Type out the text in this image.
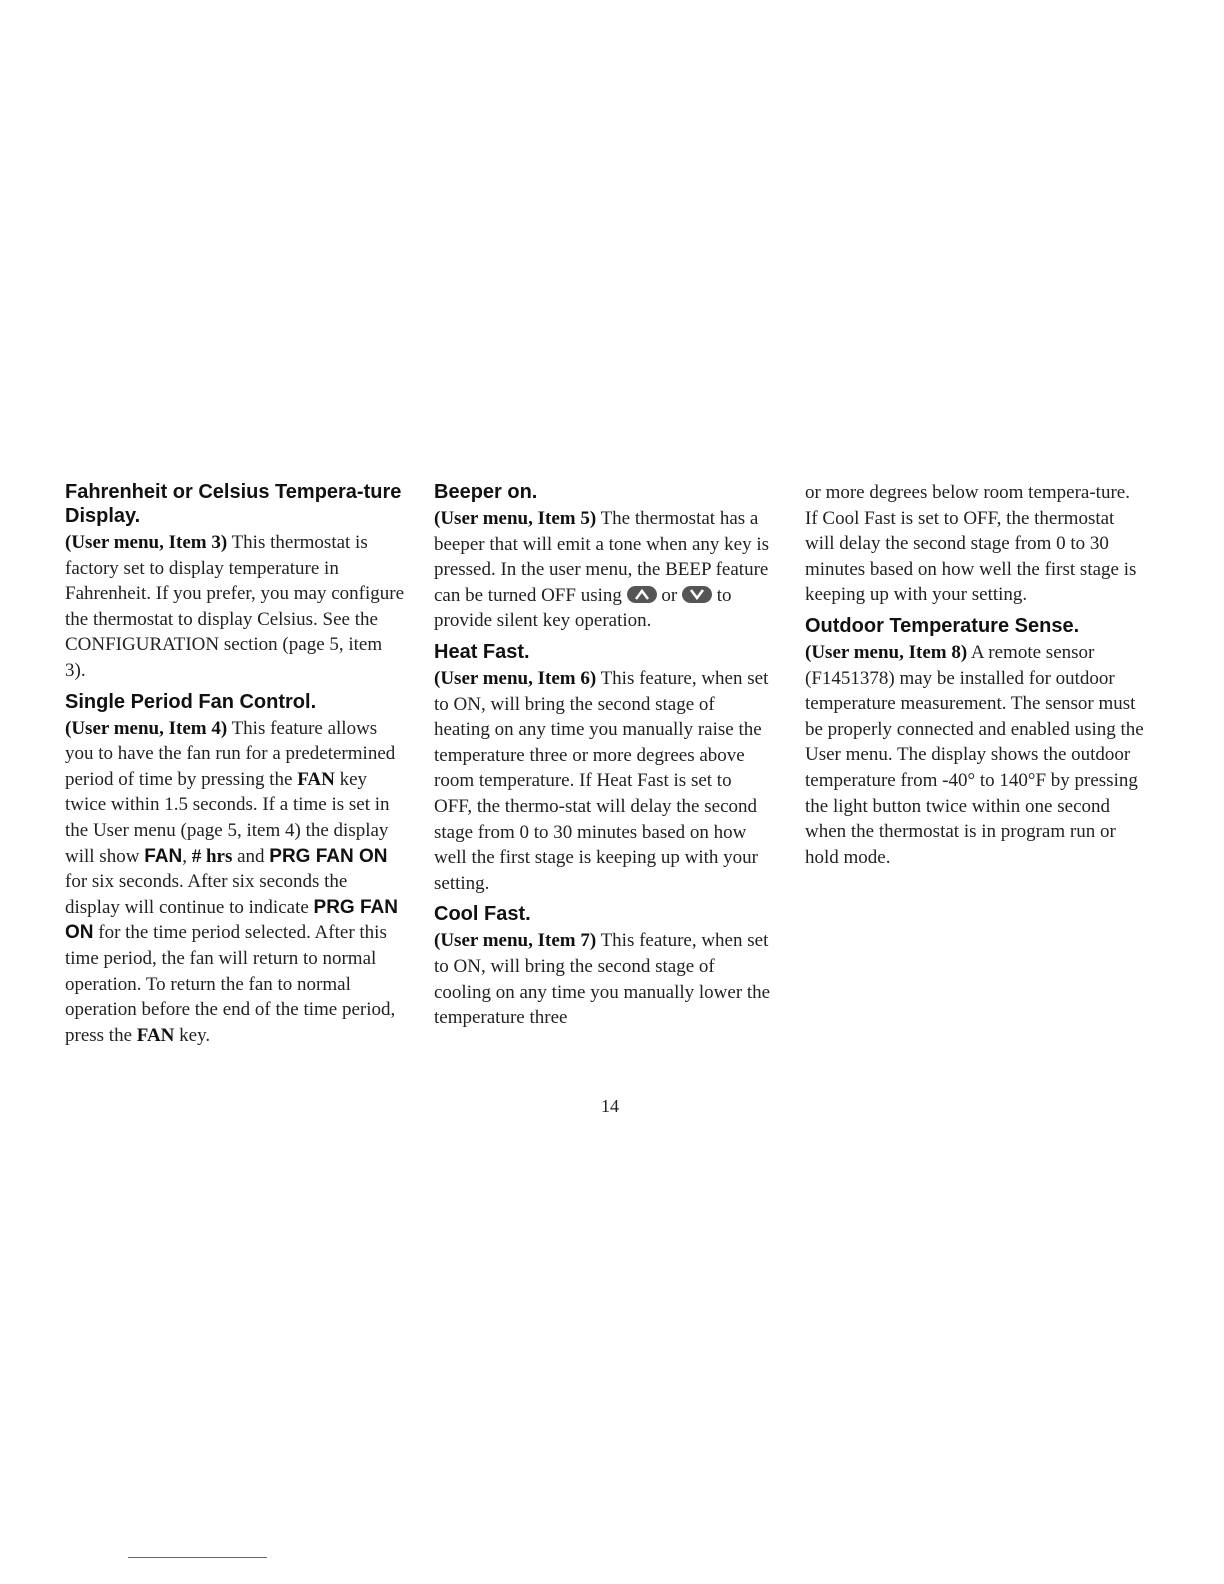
Fahrenheit or Celsius Tempera-ture Display.

(User menu, Item 3) This thermostat is factory set to display temperature in Fahrenheit. If you prefer, you may configure the thermostat to display Celsius. See the CONFIGURATION section (page 5, item 3).

Single Period Fan Control.

(User menu, Item 4) This feature allows you to have the fan run for a predetermined period of time by pressing the FAN key twice within 1.5 seconds. If a time is set in the User menu (page 5, item 4) the display will show FAN, # hrs and PRG FAN ON for six seconds. After six seconds the display will continue to indicate PRG FAN ON for the time period selected. After this time period, the fan will return to normal operation. To return the fan to normal operation before the end of the time period, press the FAN key.

Beeper on.

(User menu, Item 5) The thermostat has a beeper that will emit a tone when any key is pressed. In the user menu, the BEEP feature can be turned OFF using
or
to provide silent key operation.

Heat Fast.

(User menu, Item 6) This feature, when set to ON, will bring the second stage of heating on any time you manually raise the temperature three or more degrees above room temperature. If Heat Fast is set to OFF, the thermo-stat will delay the second stage from 0 to 30 minutes based on how well the first stage is keeping up with your setting.

Cool Fast.

(User menu, Item 7) This feature, when set to ON, will bring the second stage of cooling on any time you manually lower the temperature three

or more degrees below room tempera-ture. If Cool Fast is set to OFF, the thermostat will delay the second stage from 0 to 30 minutes based on how well the first stage is keeping up with your setting.

Outdoor Temperature Sense.

(User menu, Item 8) A remote sensor (F1451378) may be installed for outdoor temperature measurement. The sensor must be properly connected and enabled using the User menu. The display shows the outdoor temperature from -40° to 140°F by pressing the light button twice within one second when the thermostat is in program run or hold mode.

14
